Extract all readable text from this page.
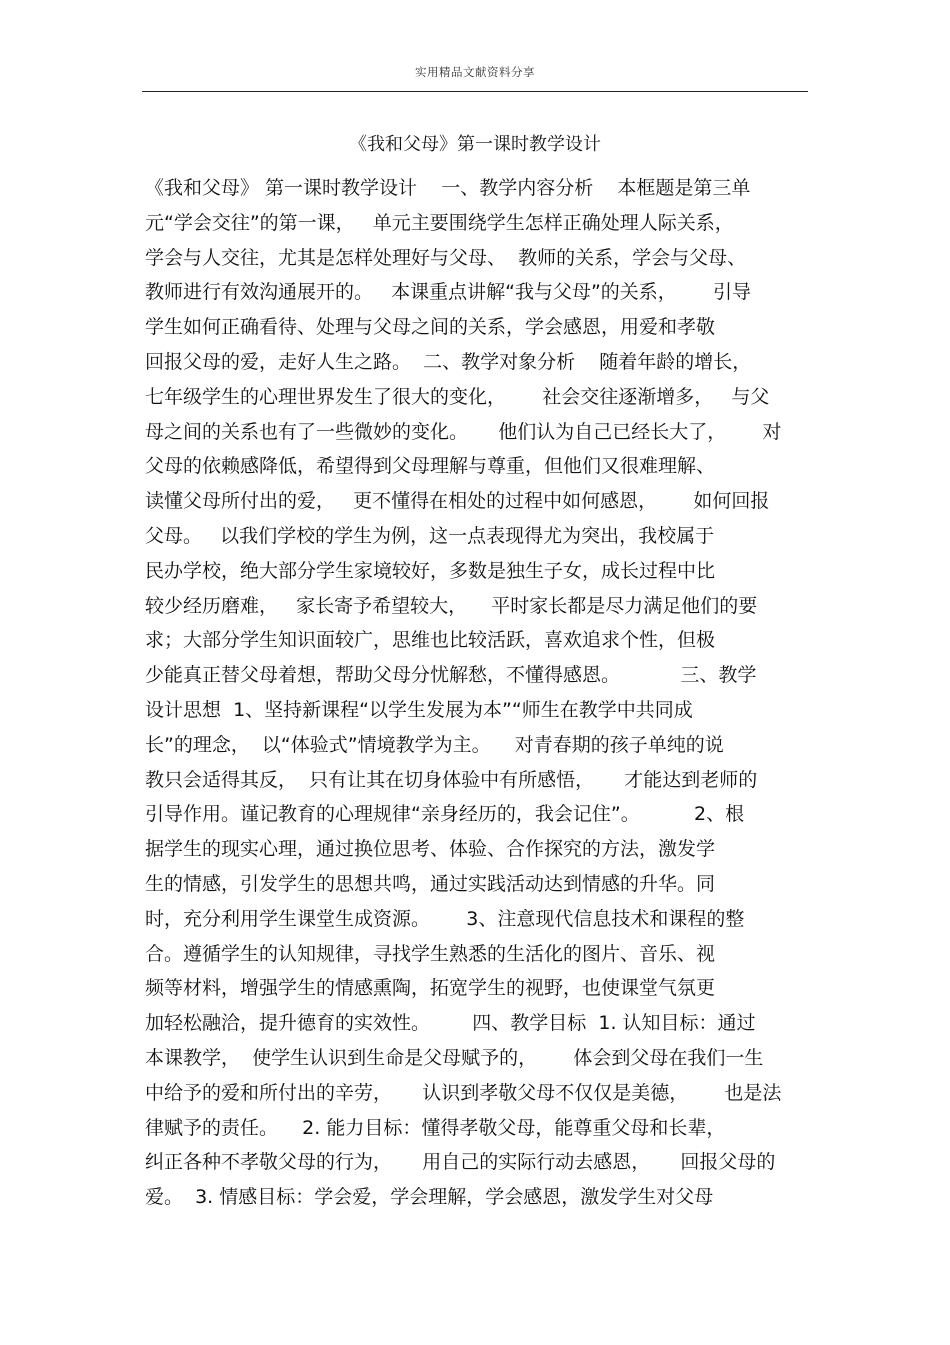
实用精品文献资料分享
《我和父母》第一课时教学设计
《我和父母》 第一课时教学设计    一、教学内容分析    本框题是第三单
元“学会交往”的第一课，   单元主要围绕学生怎样正确处理人际关系，
学会与人交往，尤其是怎样处理好与父母、  教师的关系，学会与父母、
教师进行有效沟通展开的。   本课重点讲解“我与父母”的关系，      引导
学生如何正确看待、处理与父母之间的关系，学会感恩，用爱和孝敬
回报父母的爱，走好人生之路。  二、教学对象分析    随着年龄的增长，
七年级学生的心理世界发生了很大的变化，      社会交往逐渐增多，   与父
母之间的关系也有了一些微妙的变化。     他们认为自己已经长大了，      对
父母的依赖感降低，希望得到父母理解与尊重，但他们又很难理解、
读懂父母所付出的爱，   更不懂得在相处的过程中如何感恩，      如何回报
父母。   以我们学校的学生为例，这一点表现得尤为突出，我校属于
民办学校，绝大部分学生家境较好，多数是独生子女，成长过程中比
较少经历磨难，   家长寄予希望较大，    平时家长都是尽力满足他们的要
求；大部分学生知识面较广，思维也比较活跃，喜欢追求个性，但极
少能真正替父母着想，帮助父母分忧解愁，不懂得感恩。          三、教学
设计思想  1、坚持新课程“以学生发展为本”“师生在教学中共同成
长”的理念，  以“体验式”情境教学为主。    对青春期的孩子单纯的说
教只会适得其反，  只有让其在切身体验中有所感悟，     才能达到老师的
引导作用。谨记教育的心理规律“亲身经历的，我会记住”。         2、根
据学生的现实心理，通过换位思考、体验、合作探究的方法，激发学
生的情感，引发学生的思想共鸣，通过实践活动达到情感的升华。同
时，充分利用学生课堂生成资源。      3、注意现代信息技术和课程的整
合。遵循学生的认知规律，寻找学生熟悉的生活化的图片、音乐、视
频等材料，增强学生的情感熏陶，拓宽学生的视野，也使课堂气氛更
加轻松融洽，提升德育的实效性。       四、教学目标  1. 认知目标：通过
本课教学，  使学生认识到生命是父母赋予的，      体会到父母在我们一生
中给予的爱和所付出的辛劳，     认识到孝敬父母不仅仅是美德，      也是法
律赋予的责任。    2. 能力目标：懂得孝敬父母，能尊重父母和长辈，
纠正各种不孝敬父母的行为，     用自己的实际行动去感恩，     回报父母的
爱。  3. 情感目标：学会爱，学会理解，学会感恩，激发学生对父母
